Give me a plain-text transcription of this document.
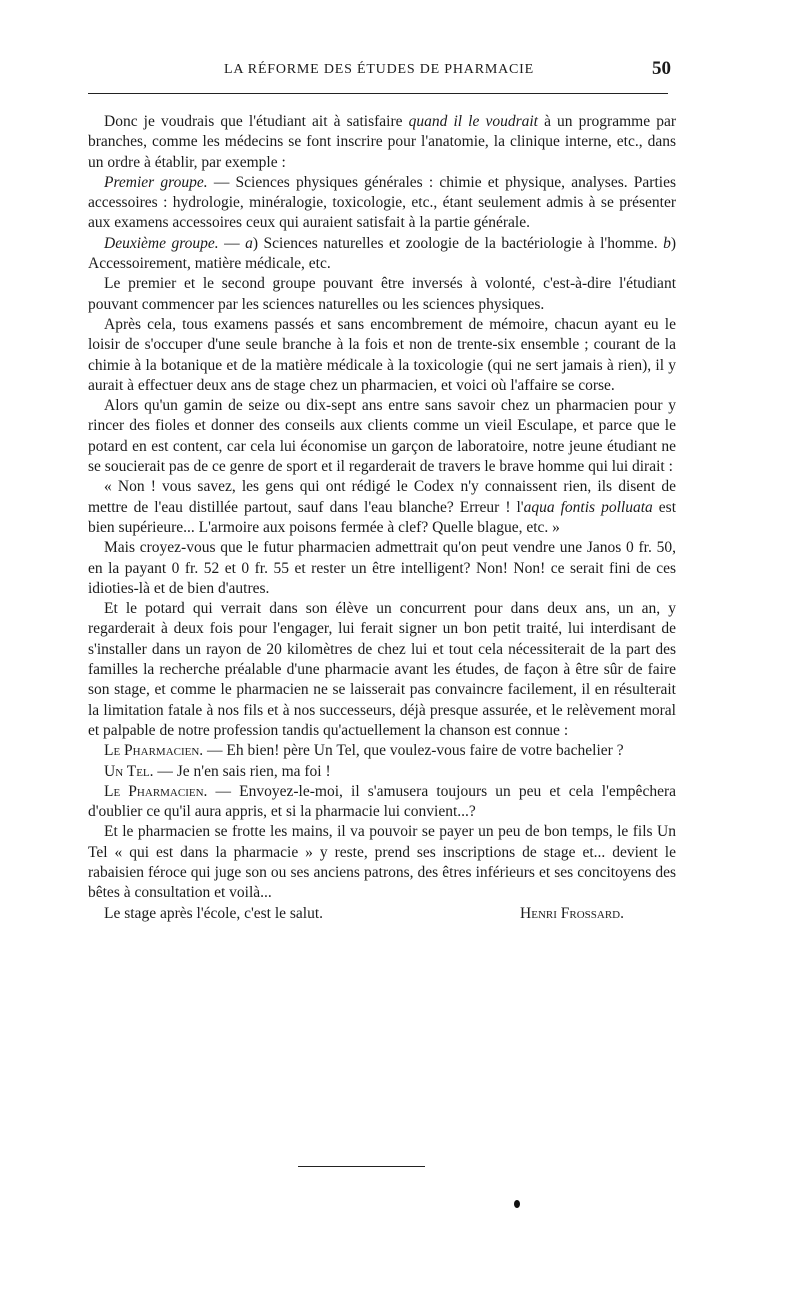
LA RÉFORME DES ÉTUDES DE PHARMACIE	50

Donc je voudrais que l'étudiant ait à satisfaire quand il le voudrait à un programme par branches, comme les médecins se font inscrire pour l'anatomie, la clinique interne, etc., dans un ordre à établir, par exemple :

Premier groupe. — Sciences physiques générales : chimie et physique, analyses. Parties accessoires : hydrologie, minéralogie, toxicologie, etc., étant seulement admis à se présenter aux examens accessoires ceux qui auraient satisfait à la partie générale.

Deuxième groupe. — a) Sciences naturelles et zoologie de la bactériologie à l'homme. b) Accessoirement, matière médicale, etc.

Le premier et le second groupe pouvant être inversés à volonté, c'est-à-dire l'étudiant pouvant commencer par les sciences naturelles ou les sciences physiques.

Après cela, tous examens passés et sans encombrement de mémoire, chacun ayant eu le loisir de s'occuper d'une seule branche à la fois et non de trente-six ensemble ; courant de la chimie à la botanique et de la matière médicale à la toxicologie (qui ne sert jamais à rien), il y aurait à effectuer deux ans de stage chez un pharmacien, et voici où l'affaire se corse.

Alors qu'un gamin de seize ou dix-sept ans entre sans savoir chez un pharmacien pour y rincer des fioles et donner des conseils aux clients comme un vieil Esculape, et parce que le potard en est content, car cela lui économise un garçon de laboratoire, notre jeune étudiant ne se soucierait pas de ce genre de sport et il regarderait de travers le brave homme qui lui dirait :

« Non ! vous savez, les gens qui ont rédigé le Codex n'y connaissent rien, ils disent de mettre de l'eau distillée partout, sauf dans l'eau blanche? Erreur ! l'aqua fontis polluata est bien supérieure... L'armoire aux poisons fermée à clef? Quelle blague, etc. »

Mais croyez-vous que le futur pharmacien admettrait qu'on peut vendre une Janos 0 fr. 50, en la payant 0 fr. 52 et 0 fr. 55 et rester un être intelligent? Non! Non! ce serait fini de ces idioties-là et de bien d'autres.

Et le potard qui verrait dans son élève un concurrent pour dans deux ans, un an, y regarderait à deux fois pour l'engager, lui ferait signer un bon petit traité, lui interdisant de s'installer dans un rayon de 20 kilomètres de chez lui et tout cela nécessiterait de la part des familles la recherche préalable d'une pharmacie avant les études, de façon à être sûr de faire son stage, et comme le pharmacien ne se laisserait pas convaincre facilement, il en résulterait la limitation fatale à nos fils et à nos successeurs, déjà presque assurée, et le relèvement moral et palpable de notre profession tandis qu'actuellement la chanson est connue :

Le Pharmacien. — Eh bien! père Un Tel, que voulez-vous faire de votre bachelier ?

Un Tel. — Je n'en sais rien, ma foi !

Le Pharmacien. — Envoyez-le-moi, il s'amusera toujours un peu et cela l'empêchera d'oublier ce qu'il aura appris, et si la pharmacie lui convient...?

Et le pharmacien se frotte les mains, il va pouvoir se payer un peu de bon temps, le fils Un Tel « qui est dans la pharmacie » y reste, prend ses inscriptions de stage et... devient le rabaisien féroce qui juge son ou ses anciens patrons, des êtres inférieurs et ses concitoyens des bêtes à consultation et voilà...

Le stage après l'école, c'est le salut.	Henri Frossard.
